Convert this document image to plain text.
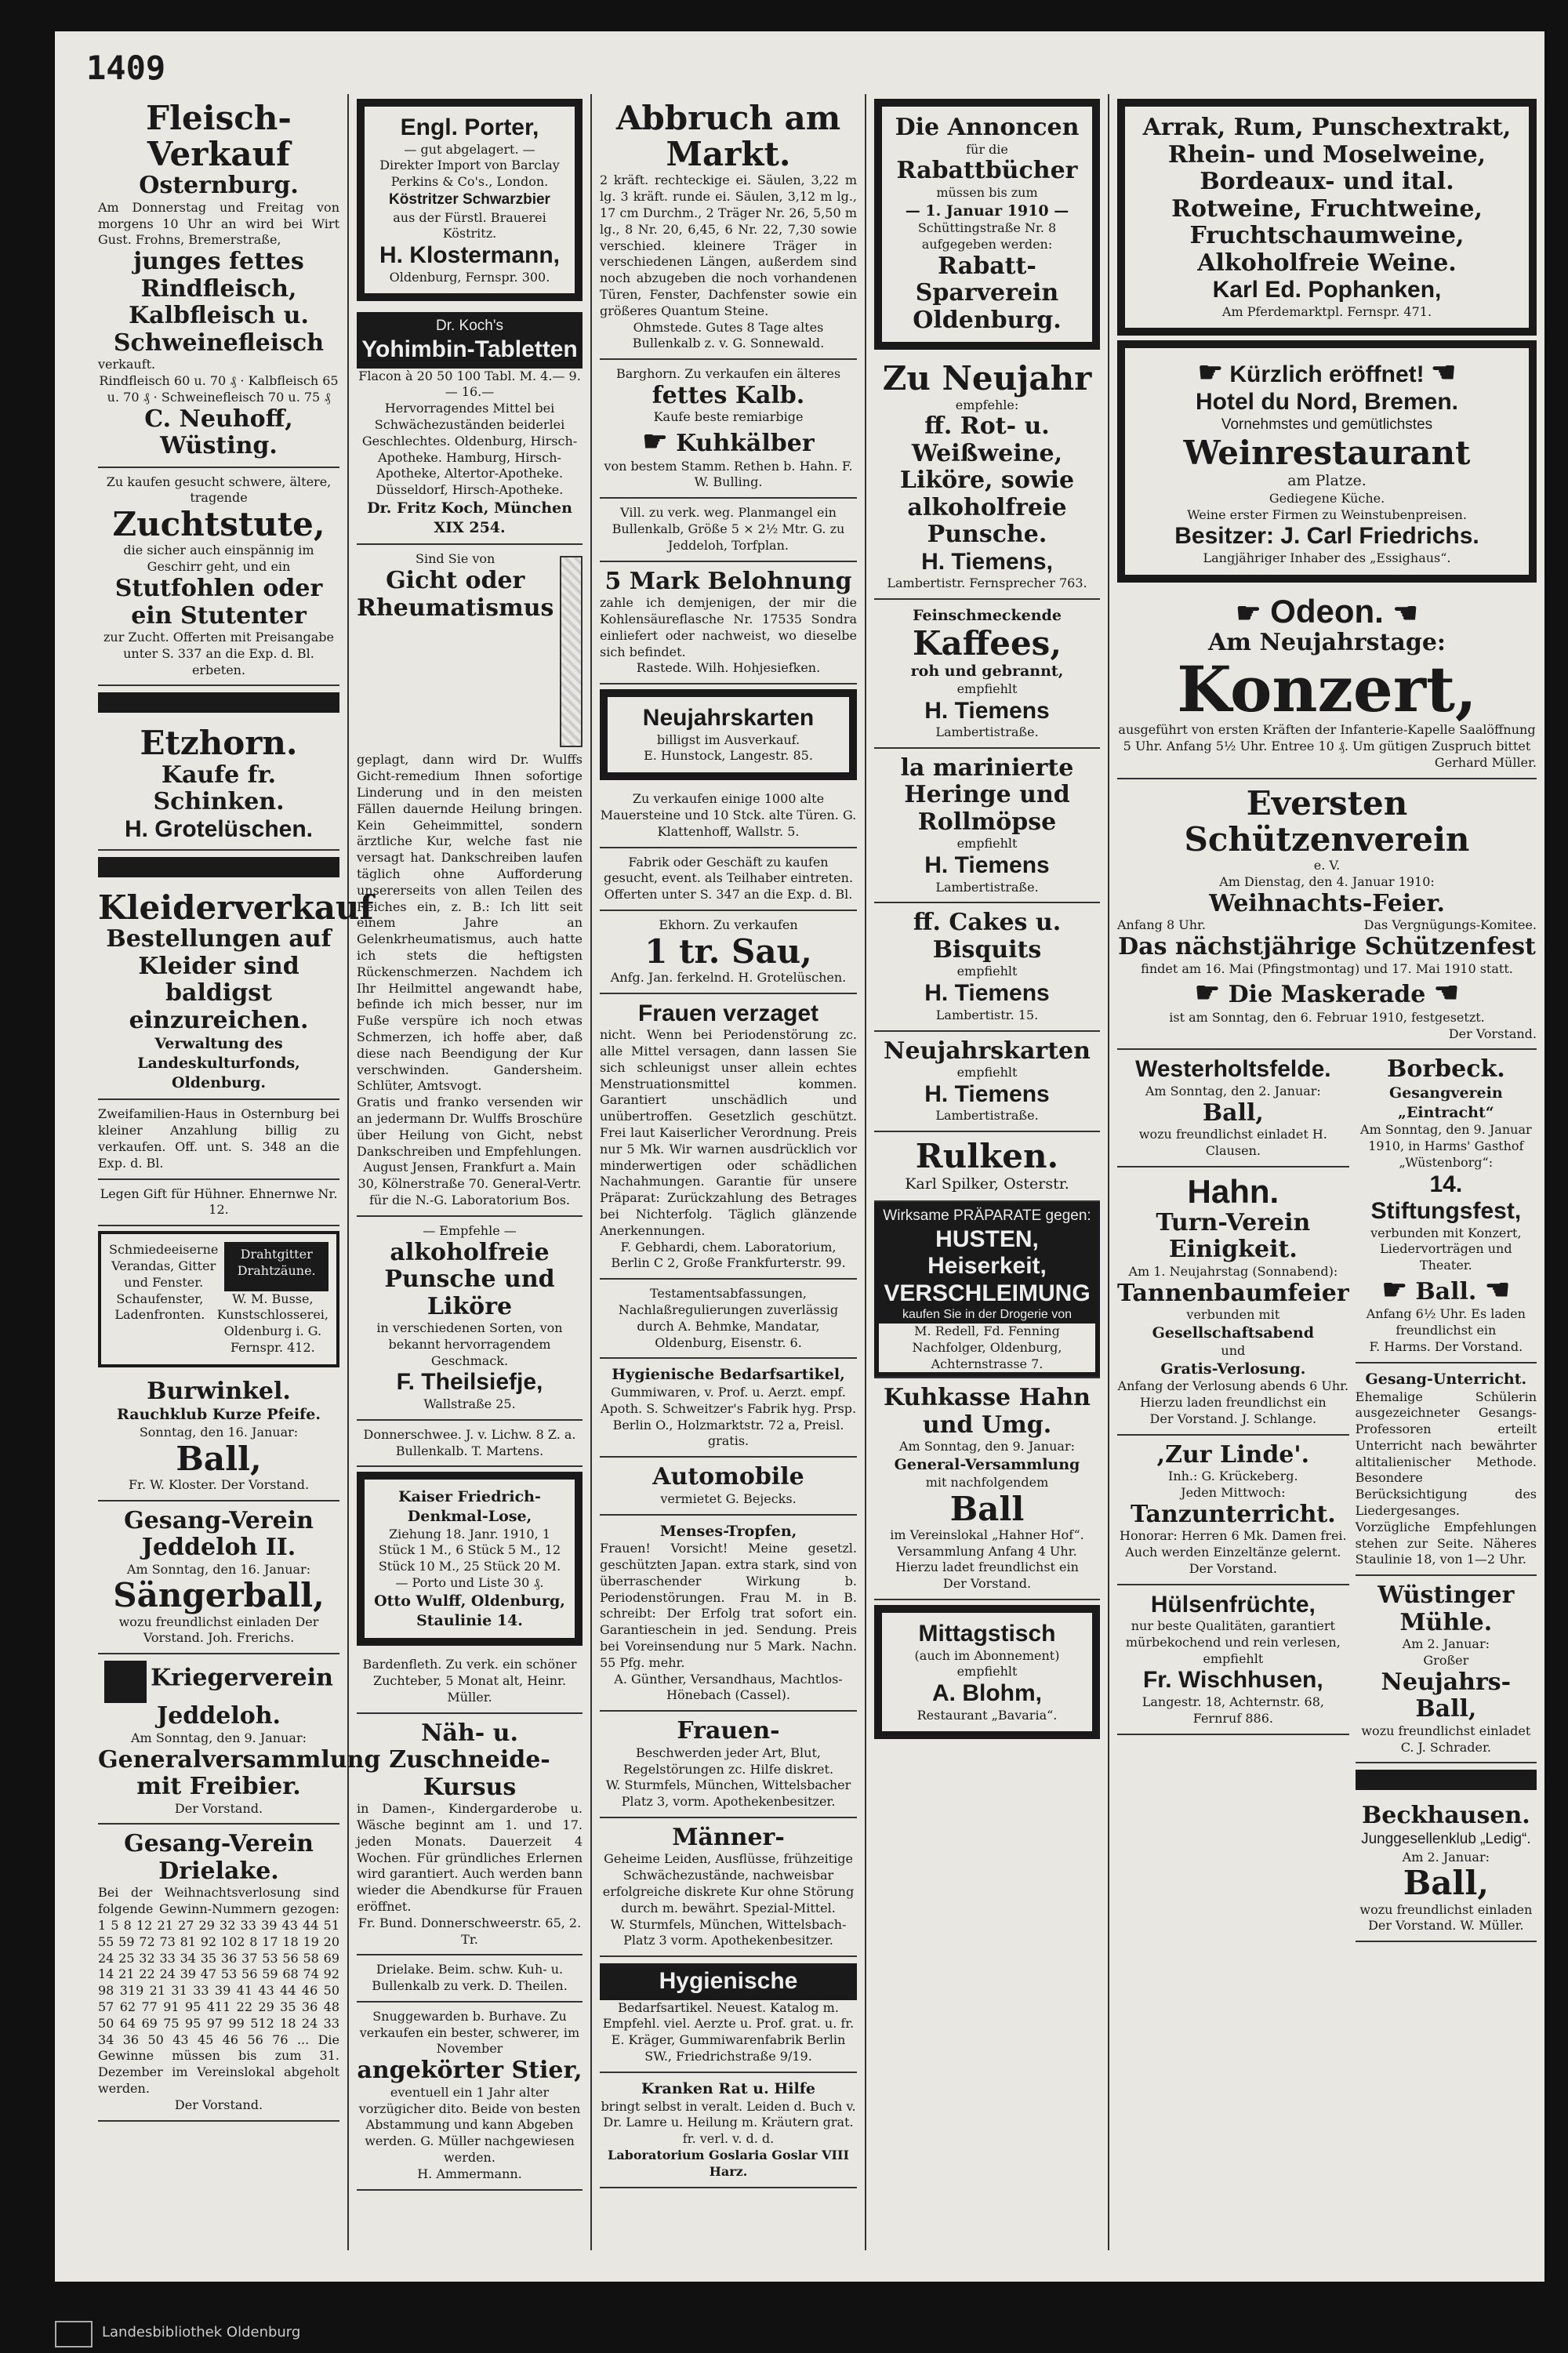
1409
Fleisch-Verkauf
Osternburg.
Am Donnerstag und Freitag von morgens 10 Uhr an wird bei Wirt Gust. Frohns, Bremerstraße,
junges fettes Rindfleisch, Kalbfleisch u. Schweinefleisch
verkauft.
Rindfleisch 60 u. 70 ₰ · Kalbfleisch 65 u. 70 ₰ · Schweinefleisch 70 u. 75 ₰
C. Neuhoff, Wüsting.
Zu kaufen gesucht schwere, ältere, tragende
Zuchtstute,
die sicher auch einspännig im Geschirr geht, und ein
Stutfohlen oder ein Stutenter
zur Zucht. Offerten mit Preisangabe unter S. 337 an die Exp. d. Bl. erbeten.
Etzhorn.
Kaufe fr. Schinken.
H. Grotelüschen.
Kleiderverkauf
Bestellungen auf Kleider sind baldigst einzureichen.
Verwaltung des Landeskulturfonds, Oldenburg.
Zweifamilien-Haus in Osternburg bei kleiner Anzahlung billig zu verkaufen. Off. unt. S. 348 an die Exp. d. Bl.
Legen Gift für Hühner. Ehnernwe Nr. 12.
Schmiedeeiserne Verandas, Gitter und Fenster.
Drahtgitter Drahtzäune.
Schaufenster, Ladenfronten.
W. M. Busse, Kunstschlosserei, Oldenburg i. G. Fernspr. 412.
Burwinkel.
Rauchklub Kurze Pfeife.
Sonntag, den 16. Januar:
Ball,
Fr. W. Kloster. Der Vorstand.
Gesang-Verein Jeddeloh II.
Am Sonntag, den 16. Januar:
Sängerball,
wozu freundlichst einladen Der Vorstand. Joh. Frerichs.
Kriegerverein Jeddeloh.
Am Sonntag, den 9. Januar:
Generalversammlung mit Freibier.
Der Vorstand.
Gesang-Verein Drielake.
Bei der Weihnachtsverlosung sind folgende Gewinn-Nummern gezogen: 1 5 8 12 21 27 29 32 33 39 43 44 51 55 59 72 73 81 92 102 8 17 18 19 20 24 25 32 33 34 35 36 37 53 56 58 69 14 21 22 24 39 47 53 56 59 68 74 92 98 319 21 31 33 39 41 43 44 46 50 57 62 77 91 95 411 22 29 35 36 48 50 64 69 75 95 97 99 512 18 24 33 34 36 50 43 45 46 56 76 ... Die Gewinne müssen bis zum 31. Dezember im Vereinslokal abgeholt werden.
Der Vorstand.
Engl. Porter,
— gut abgelagert. —
Direkter Import von Barclay Perkins & Co's., London.
Köstritzer Schwarzbier
aus der Fürstl. Brauerei Köstritz.
H. Klostermann,
Oldenburg, Fernspr. 300.
Dr. Koch's
Yohimbin-Tabletten
Flacon à 20 50 100 Tabl. M. 4.— 9.— 16.—
Hervorragendes Mittel bei Schwächezuständen beiderlei Geschlechtes. Oldenburg, Hirsch-Apotheke. Hamburg, Hirsch-Apotheke, Altertor-Apotheke. Düsseldorf, Hirsch-Apotheke.
Dr. Fritz Koch, München XIX 254.
Sind Sie von
Gicht oder Rheumatismus
geplagt, dann wird Dr. Wulffs Gicht-remedium Ihnen sofortige Linderung und in den meisten Fällen dauernde Heilung bringen. Kein Geheimmittel, sondern ärztliche Kur, welche fast nie versagt hat. Dankschreiben laufen täglich ohne Aufforderung unsererseits von allen Teilen des Reiches ein, z. B.: Ich litt seit einem Jahre an Gelenkrheumatismus, auch hatte ich stets die heftigsten Rückenschmerzen. Nachdem ich Ihr Heilmittel angewandt habe, befinde ich mich besser, nur im Fuße verspüre ich noch etwas Schmerzen, ich hoffe aber, daß diese nach Beendigung der Kur verschwinden. Gandersheim. Schlüter, Amtsvogt.
Gratis und franko versenden wir an jedermann Dr. Wulffs Broschüre über Heilung von Gicht, nebst Dankschreiben und Empfehlungen.
August Jensen, Frankfurt a. Main 30, Kölnerstraße 70. General-Vertr. für die N.-G. Laboratorium Bos.
— Empfehle —
alkoholfreie Punsche und Liköre
in verschiedenen Sorten, von bekannt hervorragendem Geschmack.
F. Theilsiefje,
Wallstraße 25.
Donnerschwee. J. v. Lichw. 8 Z. a. Bullenkalb. T. Martens.
Kaiser Friedrich-Denkmal-Lose,
Ziehung 18. Janr. 1910, 1 Stück 1 M., 6 Stück 5 M., 12 Stück 10 M., 25 Stück 20 M. — Porto und Liste 30 ₰.
Otto Wulff, Oldenburg, Staulinie 14.
Bardenfleth. Zu verk. ein schöner Zuchteber, 5 Monat alt, Heinr. Müller.
Näh- u. Zuschneide-Kursus
in Damen-, Kindergarderobe u. Wäsche beginnt am 1. und 17. jeden Monats. Dauerzeit 4 Wochen. Für gründliches Erlernen wird garantiert. Auch werden bann wieder die Abendkurse für Frauen eröffnet.
Fr. Bund. Donnerschweerstr. 65, 2. Tr.
Drielake. Beim. schw. Kuh- u. Bullenkalb zu verk. D. Theilen.
Snuggewarden b. Burhave. Zu verkaufen ein bester, schwerer, im November
angekörter Stier,
eventuell ein 1 Jahr alter vorzügicher dito. Beide von besten Abstammung und kann Abgeben werden. G. Müller nachgewiesen werden.
H. Ammermann.
Abbruch am Markt.
2 kräft. rechteckige ei. Säulen, 3,22 m lg. 3 kräft. runde ei. Säulen, 3,12 m lg., 17 cm Durchm., 2 Träger Nr. 26, 5,50 m lg., 8 Nr. 20, 6,45, 6 Nr. 22, 7,30 sowie verschied. kleinere Träger in verschiedenen Längen, außerdem sind noch abzugeben die noch vorhandenen Türen, Fenster, Dachfenster sowie ein größeres Quantum Steine.
Ohmstede. Gutes 8 Tage altes Bullenkalb z. v. G. Sonnewald.
Barghorn. Zu verkaufen ein älteres
fettes Kalb.
Kaufe beste remiarbige
☛ Kuhkälber
von bestem Stamm. Rethen b. Hahn. F. W. Bulling.
Vill. zu verk. weg. Planmangel ein Bullenkalb, Größe 5 × 2½ Mtr. G. zu Jeddeloh, Torfplan.
5 Mark Belohnung
zahle ich demjenigen, der mir die Kohlensäureflasche Nr. 17535 Sondra einliefert oder nachweist, wo dieselbe sich befindet.
Rastede. Wilh. Hohjesiefken.
Neujahrskarten
billigst im Ausverkauf.
E. Hunstock, Langestr. 85.
Zu verkaufen einige 1000 alte Mauersteine und 10 Stck. alte Türen. G. Klattenhoff, Wallstr. 5.
Fabrik oder Geschäft zu kaufen gesucht, event. als Teilhaber eintreten. Offerten unter S. 347 an die Exp. d. Bl.
Ekhorn. Zu verkaufen
1 tr. Sau,
Anfg. Jan. ferkelnd. H. Grotelüschen.
Frauen verzaget
nicht. Wenn bei Periodenstörung zc. alle Mittel versagen, dann lassen Sie sich schleunigst unser allein echtes Menstruationsmittel kommen. Garantiert unschädlich und unübertroffen. Gesetzlich geschützt. Frei laut Kaiserlicher Verordnung. Preis nur 5 Mk. Wir warnen ausdrücklich vor minderwertigen oder schädlichen Nachahmungen. Garantie für unsere Präparat: Zurückzahlung des Betrages bei Nichterfolg. Täglich glänzende Anerkennungen.
F. Gebhardi, chem. Laboratorium, Berlin C 2, Große Frankfurterstr. 99.
Testamentsabfassungen, Nachlaßregulierungen zuverlässig durch A. Behmke, Mandatar, Oldenburg, Eisenstr. 6.
Hygienische Bedarfsartikel,
Gummiwaren, v. Prof. u. Aerzt. empf. Apoth. S. Schweitzer's Fabrik hyg. Prsp. Berlin O., Holzmarktstr. 72 a, Preisl. gratis.
Automobile
vermietet G. Bejecks.
Menses-Tropfen,
Frauen! Vorsicht! Meine gesetzl. geschützten Japan. extra stark, sind von überraschender Wirkung b. Periodenstörungen. Frau M. in B. schreibt: Der Erfolg trat sofort ein. Garantieschein in jed. Sendung. Preis bei Voreinsendung nur 5 Mark. Nachn. 55 Pfg. mehr.
A. Günther, Versandhaus, Machtlos-Hönebach (Cassel).
Frauen-
Beschwerden jeder Art, Blut, Regelstörungen zc. Hilfe diskret.
W. Sturmfels, München, Wittelsbacher Platz 3, vorm. Apothekenbesitzer.
Männer-
Geheime Leiden, Ausflüsse, frühzeitige Schwächezustände, nachweisbar erfolgreiche diskrete Kur ohne Störung durch m. bewährt. Spezial-Mittel.
W. Sturmfels, München, Wittelsbach-Platz 3 vorm. Apothekenbesitzer.
Hygienische
Bedarfsartikel. Neuest. Katalog m. Empfehl. viel. Aerzte u. Prof. grat. u. fr. E. Kräger, Gummiwarenfabrik Berlin SW., Friedrichstraße 9/19.
Kranken Rat u. Hilfe
bringt selbst in veralt. Leiden d. Buch v. Dr. Lamre u. Heilung m. Kräutern grat. fr. verl. v. d. d.
Laboratorium Goslaria Goslar VIII Harz.
Die Annoncen
für die
Rabattbücher
müssen bis zum
— 1. Januar 1910 —
Schüttingstraße Nr. 8 aufgegeben werden:
Rabatt-Sparverein Oldenburg.
Zu Neujahr
empfehle:
ff. Rot- u. Weißweine, Liköre, sowie alkoholfreie Punsche.
H. Tiemens,
Lambertistr. Fernsprecher 763.
Feinschmeckende
Kaffees,
roh und gebrannt,
empfiehlt
H. Tiemens
Lambertistraße.
la marinierte Heringe und Rollmöpse
empfiehlt
H. Tiemens
Lambertistraße.
ff. Cakes u. Bisquits
empfiehlt
H. Tiemens
Lambertistr. 15.
Neujahrskarten
empfiehlt
H. Tiemens
Lambertistraße.
Rulken.
Karl Spilker, Osterstr.
Wirksame PRÄPARATE gegen:
HUSTEN, Heiserkeit, VERSCHLEIMUNG
kaufen Sie in der Drogerie von
M. Redell, Fd. Fenning Nachfolger, Oldenburg, Achternstrasse 7.
Kuhkasse Hahn und Umg.
Am Sonntag, den 9. Januar:
General-Versammlung
mit nachfolgendem
Ball
im Vereinslokal „Hahner Hof“. Versammlung Anfang 4 Uhr. Hierzu ladet freundlichst ein
Der Vorstand.
Mittagstisch
(auch im Abonnement) empfiehlt
A. Blohm,
Restaurant „Bavaria“.
Arrak, Rum, Punschextrakt, Rhein- und Moselweine, Bordeaux- und ital. Rotweine, Fruchtweine, Fruchtschaumweine, Alkoholfreie Weine.
Karl Ed. Pophanken,
Am Pferdemarktpl. Fernspr. 471.
☛ Kürzlich eröffnet! ☚
Hotel du Nord, Bremen.
Vornehmstes und gemütlichstes
Weinrestaurant
am Platze.
Gediegene Küche.
Weine erster Firmen zu Weinstubenpreisen.
Besitzer: J. Carl Friedrichs.
Langjähriger Inhaber des „Essighaus“.
☛ Odeon. ☚
Am Neujahrstage:
Konzert,
ausgeführt von ersten Kräften der Infanterie-Kapelle Saalöffnung 5 Uhr. Anfang 5½ Uhr. Entree 10 ₰. Um gütigen Zuspruch bittet
Gerhard Müller.
Eversten Schützenverein
e. V.
Am Dienstag, den 4. Januar 1910:
Weihnachts-Feier.
Anfang 8 Uhr.	Das Vergnügungs-Komitee.
Das nächstjährige Schützenfest
findet am 16. Mai (Pfingstmontag) und 17. Mai 1910 statt.
☛ Die Maskerade ☚
ist am Sonntag, den 6. Februar 1910, festgesetzt.
Der Vorstand.
Westerholtsfelde.
Am Sonntag, den 2. Januar:
Ball,
wozu freundlichst einladet H. Clausen.
Hahn.
Turn-Verein Einigkeit.
Am 1. Neujahrstag (Sonnabend):
Tannenbaumfeier
verbunden mit
Gesellschaftsabend
und
Gratis-Verlosung.
Anfang der Verlosung abends 6 Uhr. Hierzu laden freundlichst ein
Der Vorstand. J. Schlange.
,Zur Linde'.
Inh.: G. Krückeberg.
Jeden Mittwoch:
Tanzunterricht.
Honorar: Herren 6 Mk. Damen frei. Auch werden Einzeltänze gelernt.
Der Vorstand.
Hülsenfrüchte,
nur beste Qualitäten, garantiert mürbekochend und rein verlesen, empfiehlt
Fr. Wischhusen,
Langestr. 18, Achternstr. 68, Fernruf 886.
Borbeck.
Gesangverein „Eintracht“
Am Sonntag, den 9. Januar 1910, in Harms' Gasthof „Wüstenborg“:
14. Stiftungsfest,
verbunden mit Konzert, Liedervorträgen und Theater.
☛ Ball. ☚
Anfang 6½ Uhr. Es laden freundlichst ein
F. Harms. Der Vorstand.
Gesang-Unterricht.
Ehemalige Schülerin ausgezeichneter Gesangs-Professoren erteilt Unterricht nach bewährter altitalienischer Methode. Besondere Berücksichtigung des Liedergesanges. Vorzügliche Empfehlungen stehen zur Seite. Näheres Staulinie 18, von 1—2 Uhr.
Wüstinger Mühle.
Am 2. Januar:
Großer
Neujahrs-Ball,
wozu freundlichst einladet C. J. Schrader.
Beckhausen.
Junggesellenklub „Ledig“.
Am 2. Januar:
Ball,
wozu freundlichst einladen Der Vorstand. W. Müller.
Landesbibliothek Oldenburg
